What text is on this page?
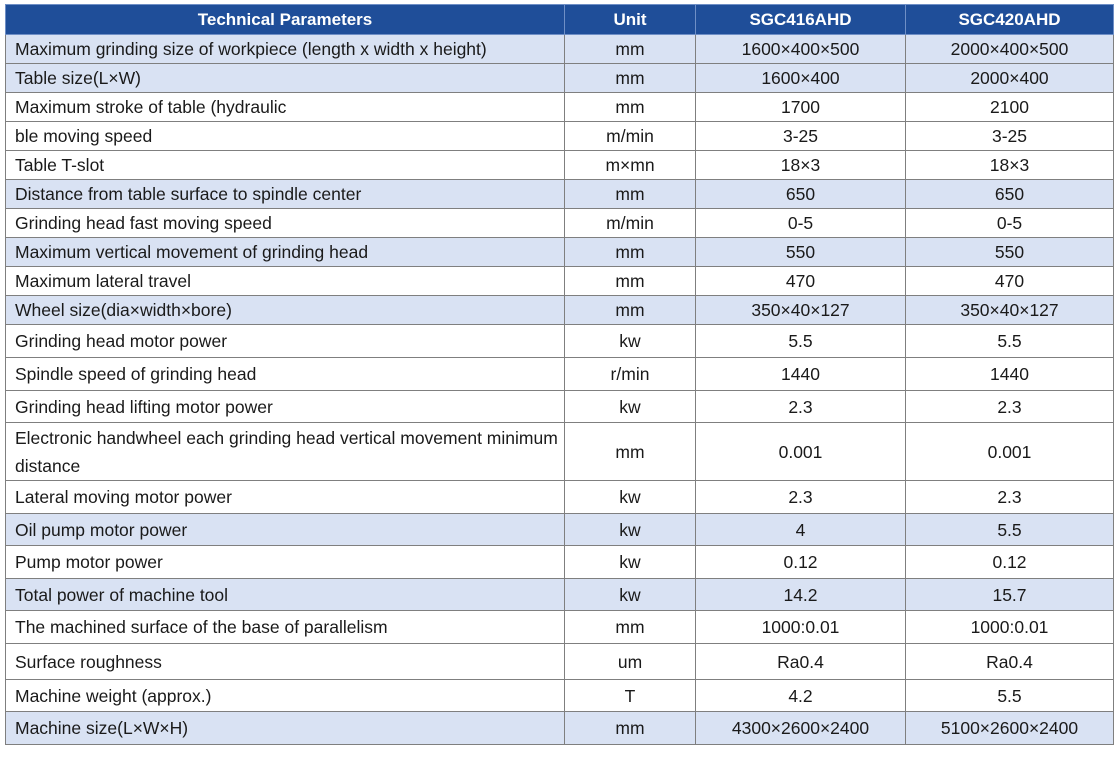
Technical Parameters	Unit	SGC416AHD	SGC420AHD
Maximum grinding size of workpiece (length x width x height)	mm	1600×400×500	2000×400×500
Table size(L×W)	mm	1600×400	2000×400
Maximum stroke of table (hydraulic	mm	1700	2100
ble moving speed	m/min	3-25	3-25
Table T-slot	m×mn	18×3	18×3
Distance from table surface to spindle center	mm	650	650
Grinding head fast moving speed	m/min	0-5	0-5
Maximum vertical movement of grinding head	mm	550	550
Maximum lateral travel	mm	470	470
Wheel size(dia×width×bore)	mm	350×40×127	350×40×127
Grinding head motor power	kw	5.5	5.5
Spindle speed of grinding head	r/min	1440	1440
Grinding head lifting motor power	kw	2.3	2.3
Electronic handwheel each grinding head vertical movement minimum distance	mm	0.001	0.001
Lateral moving motor power	kw	2.3	2.3
Oil pump motor power	kw	4	5.5
Pump motor power	kw	0.12	0.12
Total power of machine tool	kw	14.2	15.7
The machined surface of the base of parallelism	mm	1000:0.01	1000:0.01
Surface roughness	um	Ra0.4	Ra0.4
Machine weight (approx.)	T	4.2	5.5
Machine size(L×W×H)	mm	4300×2600×2400	5100×2600×2400
